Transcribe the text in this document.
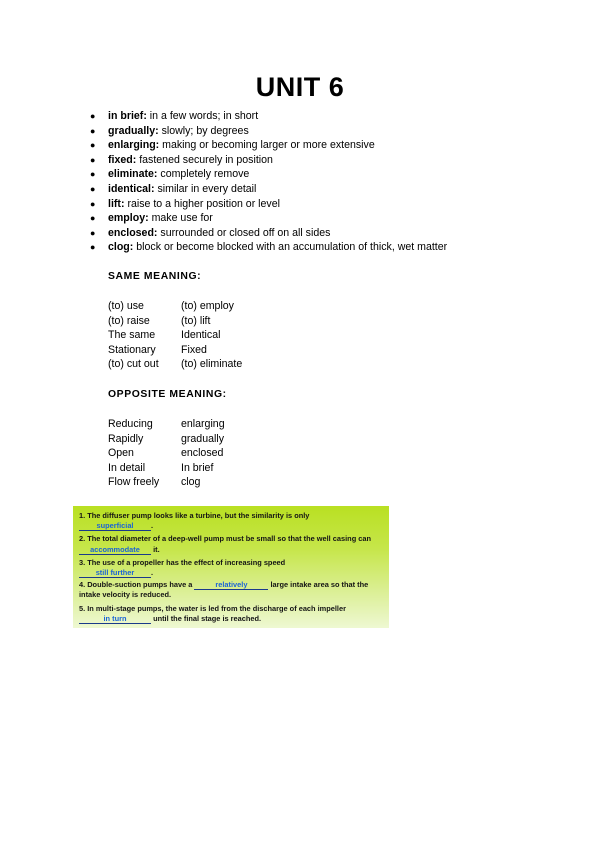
UNIT 6
● in brief: in a few words; in short
● gradually: slowly; by degrees
● enlarging: making or becoming larger or more extensive
● fixed: fastened securely in position
● eliminate: completely remove
● identical: similar in every detail
● lift: raise to a higher position or level
● employ: make use for
● enclosed: surrounded or closed off on all sides
● clog: block or become blocked with an accumulation of thick, wet matter
SAME MEANING:
(to) use	(to) employ
(to) raise	(to) lift
The same	Identical
Stationary	Fixed
(to) cut out	(to) eliminate
OPPOSITE MEANING:
Reducing	enlarging
Rapidly	gradually
Open	enclosed
In detail	In brief
Flow freely	clog

1. The diffuser pump looks like a turbine, but the similarity is only
superficial .

2. The total diameter of a deep-well pump must be small so that the well casing can accommodate it.

3. The use of a propeller has the effect of increasing speed
still further .

4. Double-suction pumps have a	relatively	large intake area so that the intake velocity is reduced.

5. In multi-stage pumps, the water is led from the discharge of each impeller in turn	until the final stage is reached.
